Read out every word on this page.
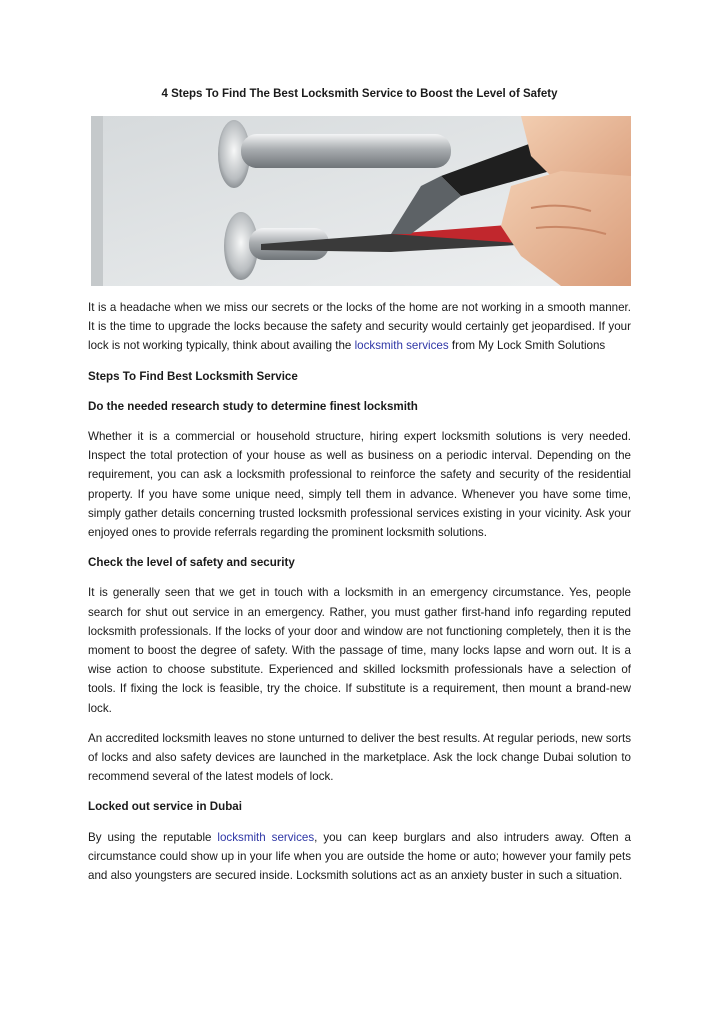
4 Steps To Find The Best Locksmith Service to Boost the Level of Safety

It is a headache when we miss our secrets or the locks of the home are not working in a smooth manner. It is the time to upgrade the locks because the safety and security would certainly get jeopardised. If your lock is not working typically, think about availing the locksmith services from My Lock Smith Solutions

Steps To Find Best Locksmith Service

Do the needed research study to determine finest locksmith

Whether it is a commercial or household structure, hiring expert locksmith solutions is very needed. Inspect the total protection of your house as well as business on a periodic interval. Depending on the requirement, you can ask a locksmith professional to reinforce the safety and security of the residential property. If you have some unique need, simply tell them in advance. Whenever you have some time, simply gather details concerning trusted locksmith professional services existing in your vicinity. Ask your enjoyed ones to provide referrals regarding the prominent locksmith solutions.

Check the level of safety and security

It is generally seen that we get in touch with a locksmith in an emergency circumstance. Yes, people search for shut out service in an emergency. Rather, you must gather first-hand info regarding reputed locksmith professionals. If the locks of your door and window are not functioning completely, then it is the moment to boost the degree of safety. With the passage of time, many locks lapse and worn out. It is a wise action to choose substitute. Experienced and skilled locksmith professionals have a selection of tools. If fixing the lock is feasible, try the choice. If substitute is a requirement, then mount a brand-new lock.

An accredited locksmith leaves no stone unturned to deliver the best results. At regular periods, new sorts of locks and also safety devices are launched in the marketplace. Ask the lock change Dubai solution to recommend several of the latest models of lock.

Locked out service in Dubai

By using the reputable locksmith services, you can keep burglars and also intruders away. Often a circumstance could show up in your life when you are outside the home or auto; however your family pets and also youngsters are secured inside. Locksmith solutions act as an anxiety buster in such a situation.
